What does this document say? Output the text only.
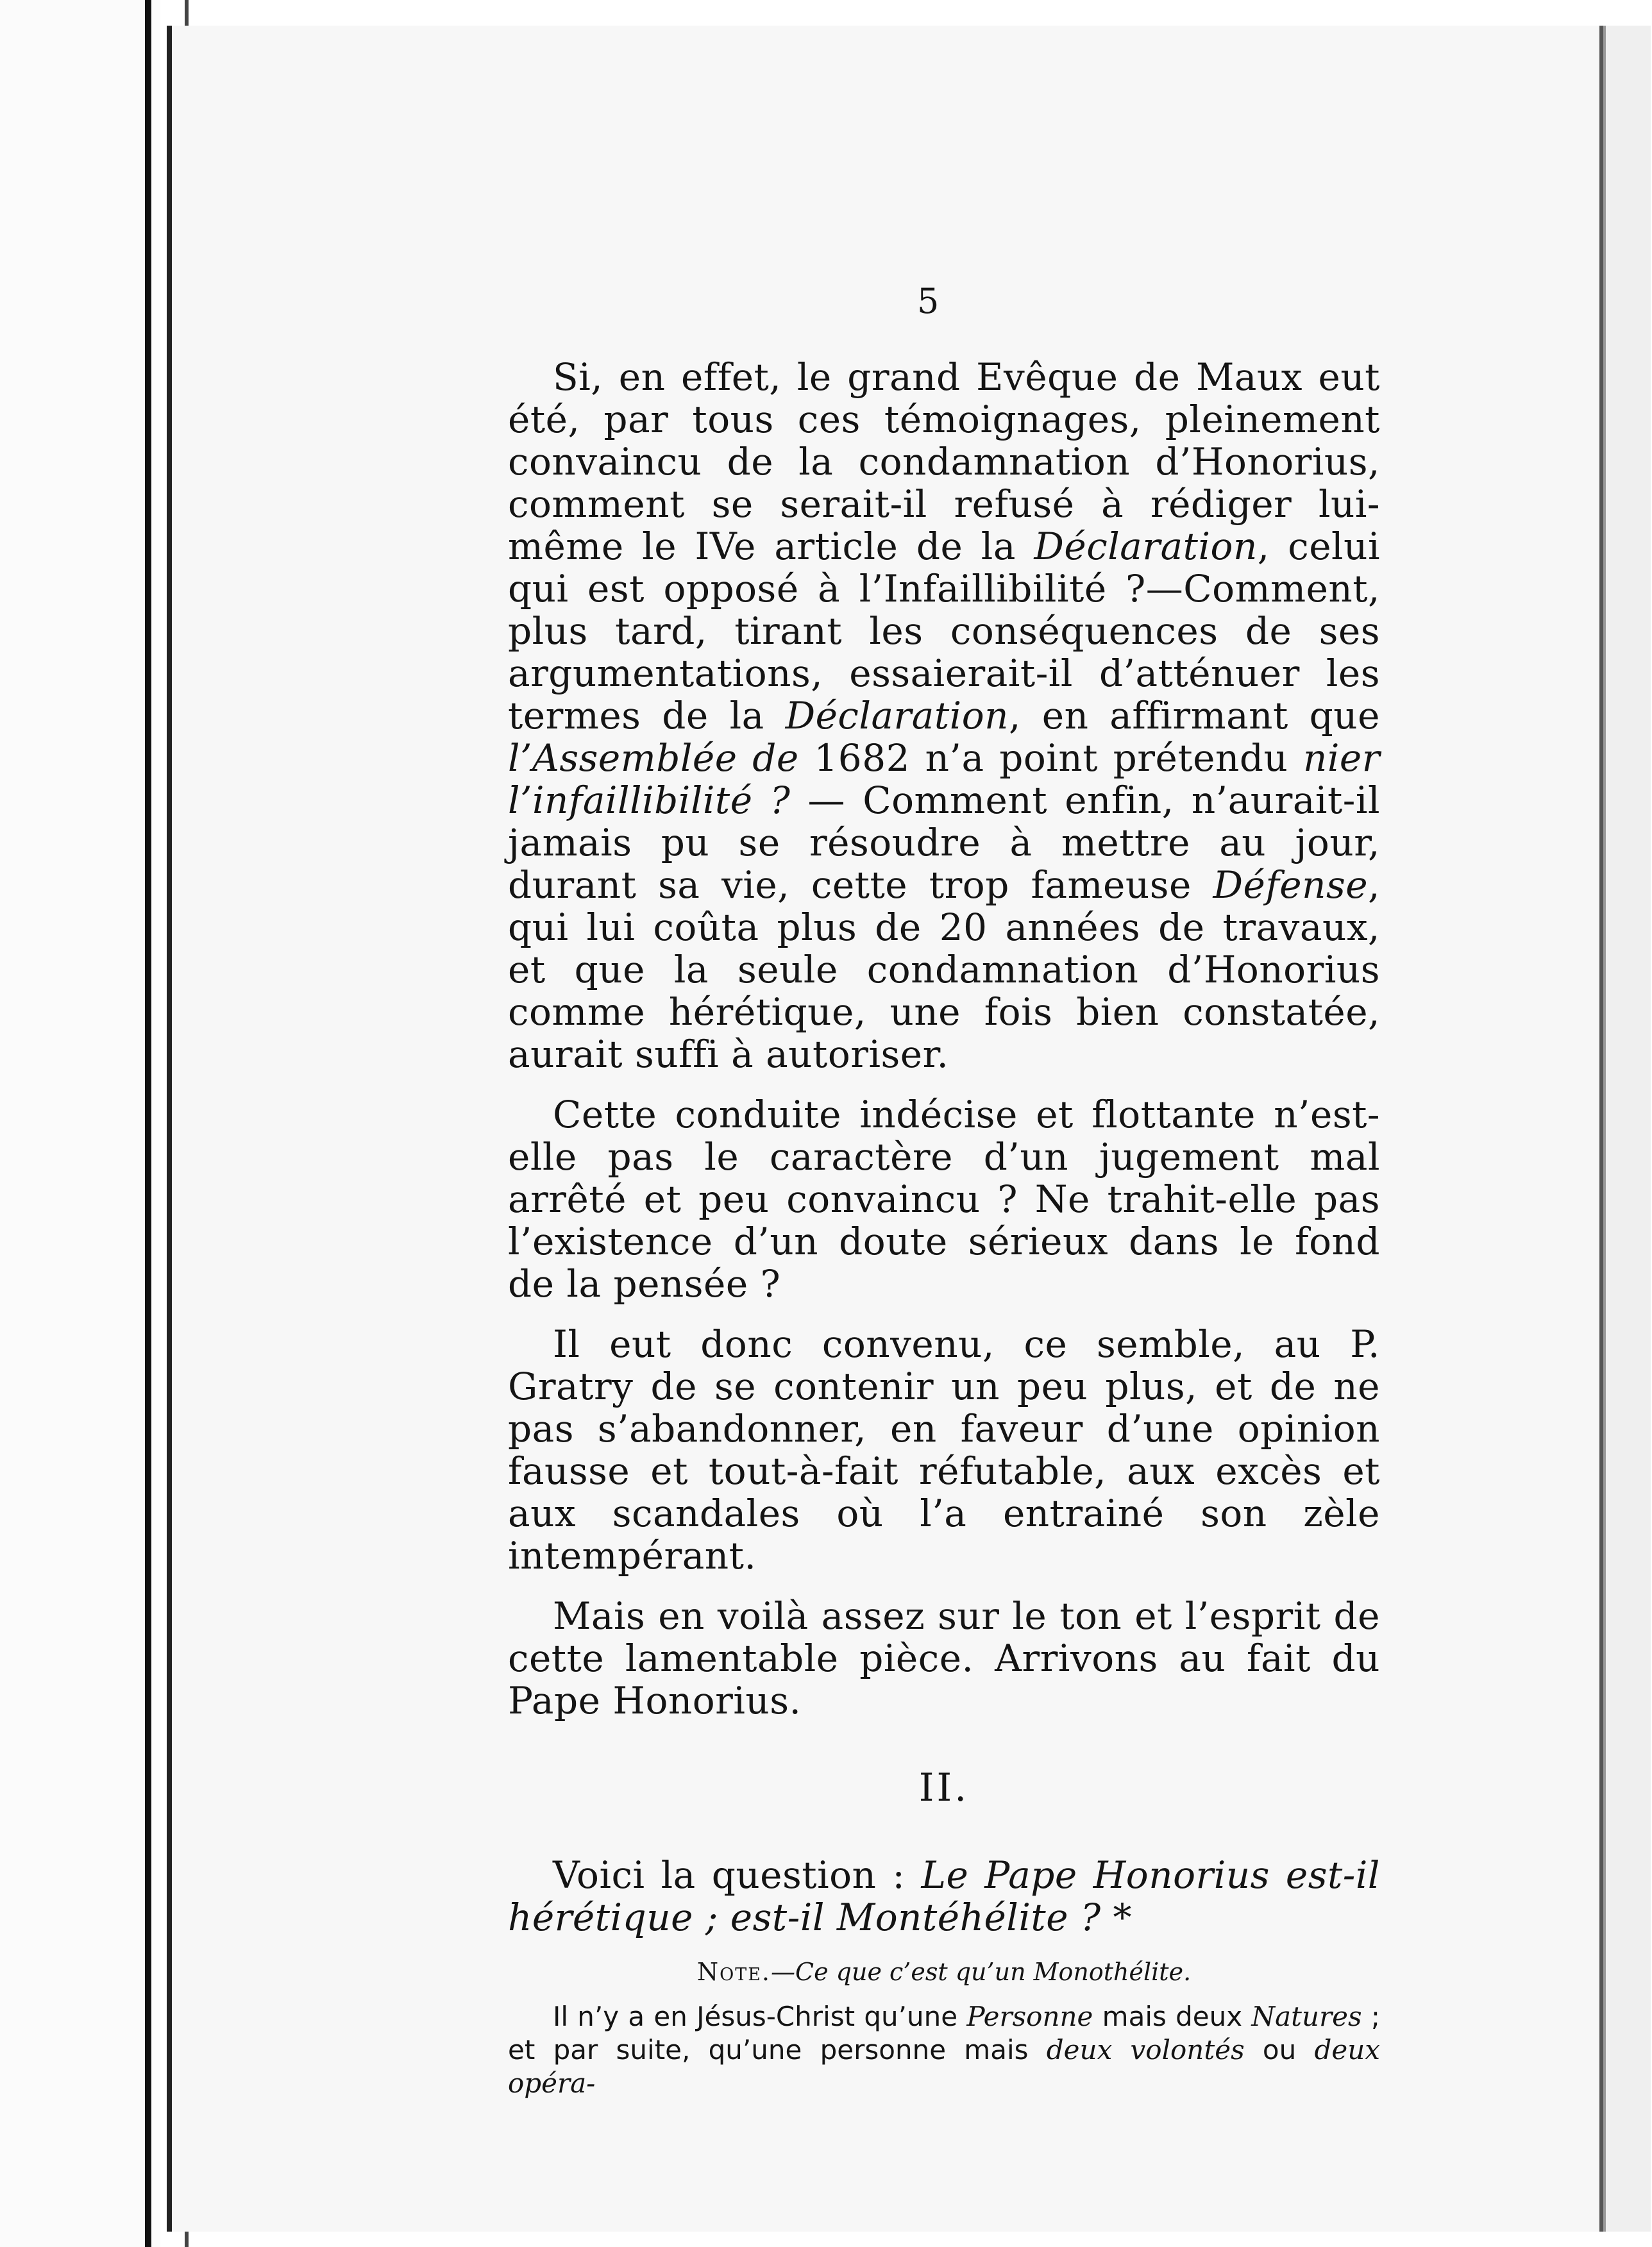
5

Si, en effet, le grand Evêque de Maux eut été, par tous ces témoignages, pleinement convaincu de la condamnation d’Honorius, comment se serait-il refusé à rédiger lui-même le IVe article de la Déclaration, celui qui est opposé à l’Infaillibilité ?—Comment, plus tard, tirant les conséquences de ses argumentations, essaierait-il d’atténuer les termes de la Déclaration, en affirmant que l’Assemblée de 1682 n’a point prétendu nier l’infaillibilité ? — Comment enfin, n’aurait-il jamais pu se résoudre à mettre au jour, durant sa vie, cette trop fameuse Défense, qui lui coûta plus de 20 années de travaux, et que la seule condamnation d’Honorius comme hérétique, une fois bien constatée, aurait suffi à autoriser.

Cette conduite indécise et flottante n’est-elle pas le caractère d’un jugement mal arrêté et peu convaincu ? Ne trahit-elle pas l’existence d’un doute sérieux dans le fond de la pensée ?

Il eut donc convenu, ce semble, au P. Gratry de se contenir un peu plus, et de ne pas s’abandonner, en faveur d’une opinion fausse et tout-à-fait réfutable, aux excès et aux scandales où l’a entrainé son zèle intempérant.

Mais en voilà assez sur le ton et l’esprit de cette lamentable pièce. Arrivons au fait du Pape Honorius.

II.

Voici la question : Le Pape Honorius est-il hérétique ; est-il Montéhélite ? *

Note.—Ce que c’est qu’un Monothélite.

Il n’y a en Jésus-Christ qu’une Personne mais deux Natures ; et par suite, qu’une personne mais deux volontés ou deux opéra-
